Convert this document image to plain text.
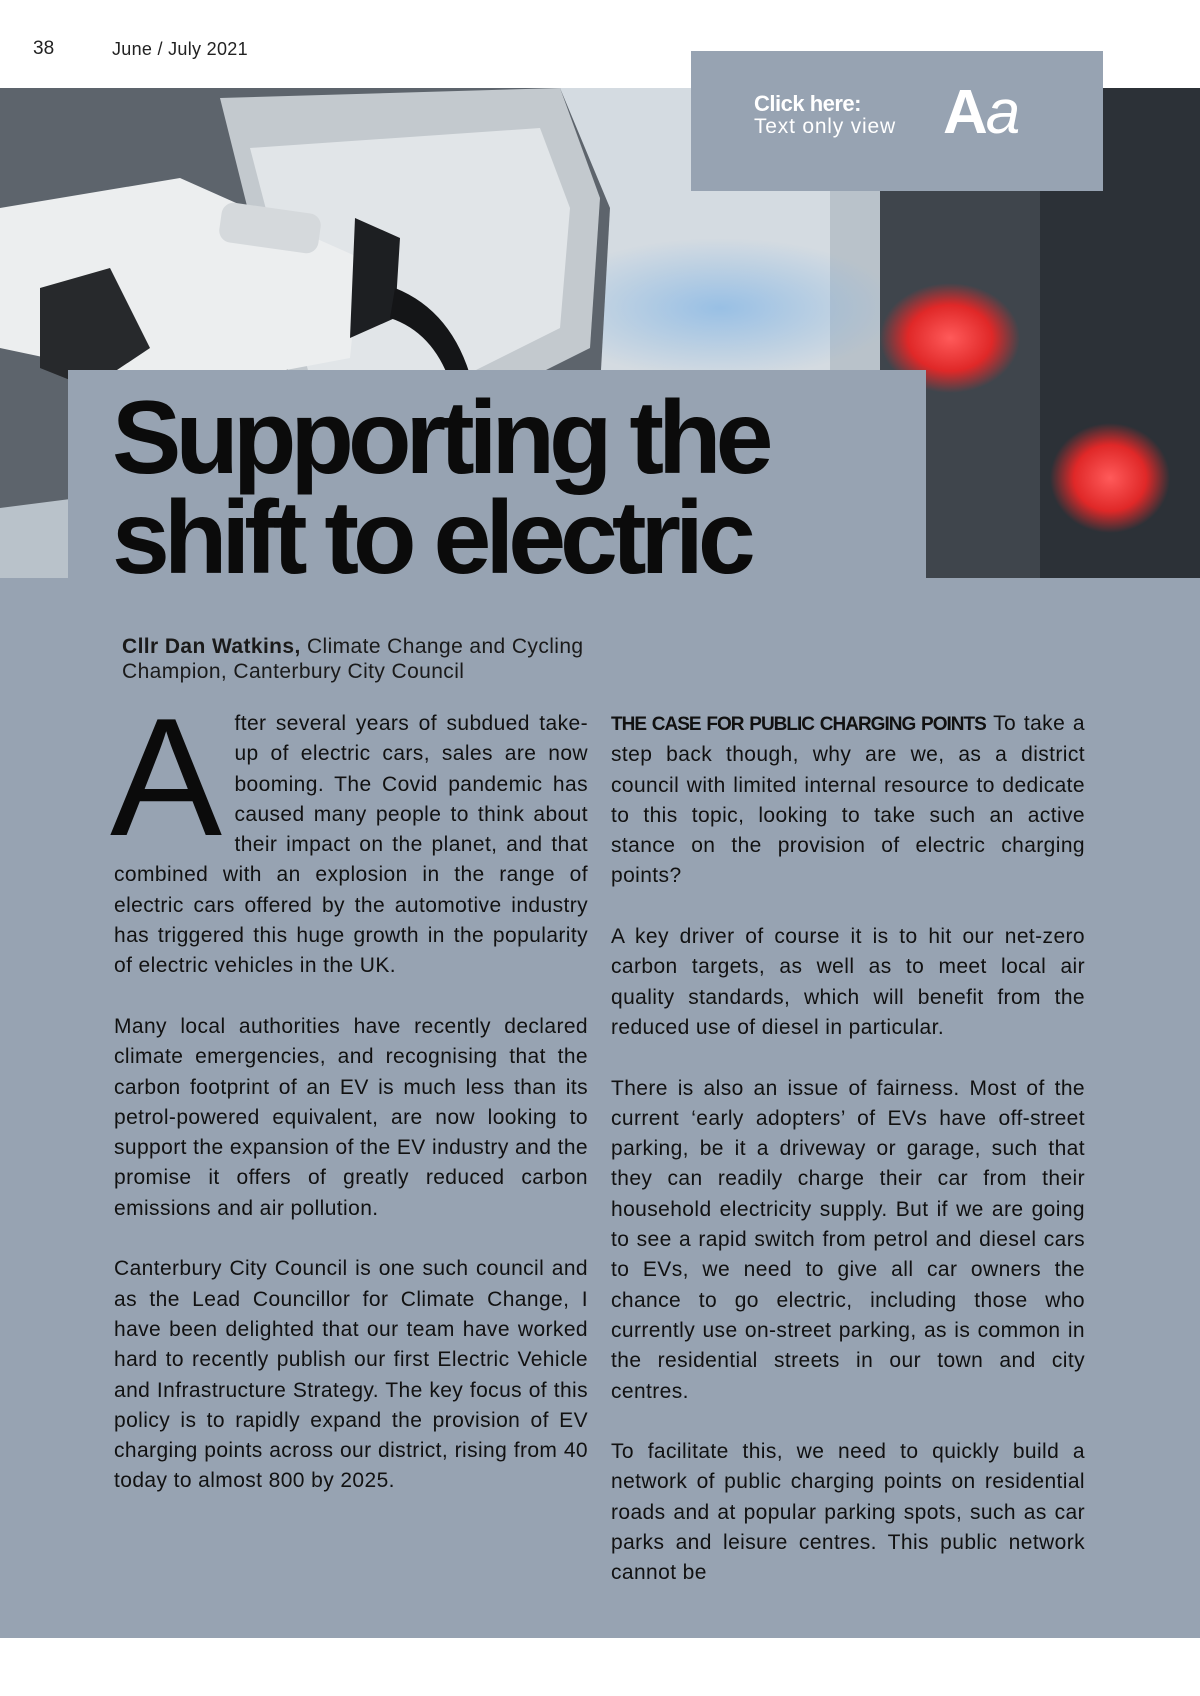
38	June / July 2021
Click here:
Text only view Aa
Supporting the
shift to electric
Cllr Dan Watkins, Climate Change and Cycling Champion, Canterbury City Council

After several years of subdued take-up of electric cars, sales are now booming. The Covid pandemic has caused many people to think about their impact on the planet, and that combined with an explosion in the range of electric cars offered by the automotive industry has triggered this huge growth in the popularity of electric vehicles in the UK.

Many local authorities have recently declared climate emergencies, and recognising that the carbon footprint of an EV is much less than its petrol-powered equivalent, are now looking to support the expansion of the EV industry and the promise it offers of greatly reduced carbon emissions and air pollution.

Canterbury City Council is one such council and as the Lead Councillor for Climate Change, I have been delighted that our team have worked hard to recently publish our first Electric Vehicle and Infrastructure Strategy. The key focus of this policy is to rapidly expand the provision of EV charging points across our district, rising from 40 today to almost 800 by 2025.

THE CASE FOR PUBLIC CHARGING POINTS To take a step back though, why are we, as a district council with limited internal resource to dedicate to this topic, looking to take such an active stance on the provision of electric charging points?

A key driver of course it is to hit our net-zero carbon targets, as well as to meet local air quality standards, which will benefit from the reduced use of diesel in particular.

There is also an issue of fairness. Most of the current ‘early adopters’ of EVs have off-street parking, be it a driveway or garage, such that they can readily charge their car from their household electricity supply. But if we are going to see a rapid switch from petrol and diesel cars to EVs, we need to give all car owners the chance to go electric, including those who currently use on-street parking, as is common in the residential streets in our town and city centres.

To facilitate this, we need to quickly build a network of public charging points on residential roads and at popular parking spots, such as car parks and leisure centres. This public network cannot be
